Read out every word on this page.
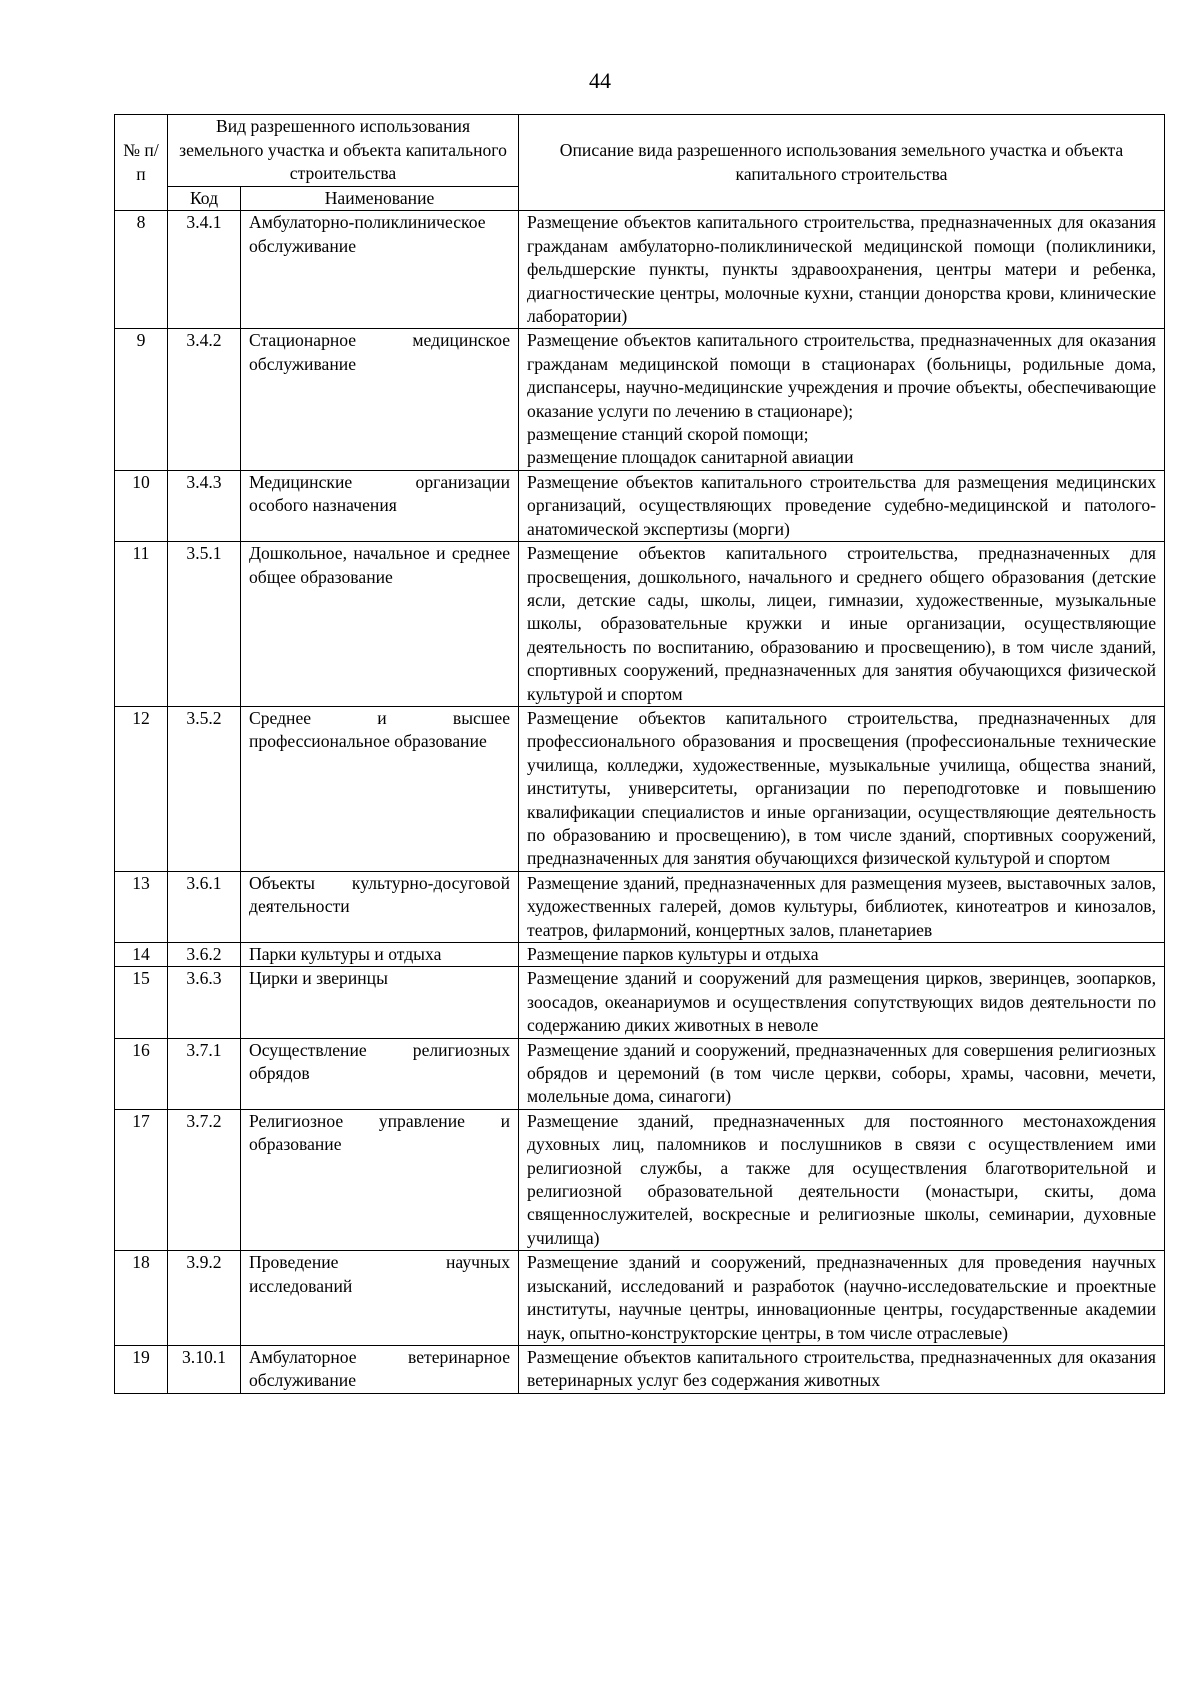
44
№ п/п	Вид разрешенного использования земельного участка и объекта капитального строительства		Описание вида разрешенного использования земельного участка и объекта капитального строительства
	Код	Наименование	
8	3.4.1	Амбулаторно-поликлиническое обслуживание	Размещение объектов капитального строительства, предназначенных для оказания гражданам амбулаторно-поликлинической медицинской помощи (поликлиники, фельдшерские пункты, пункты здравоохранения, центры матери и ребенка, диагностические центры, молочные кухни, станции донорства крови, клинические лаборатории)

9	3.4.2	Стационарное медицинское обслуживание	Размещение объектов капитального строительства, предназначенных для оказания гражданам медицинской помощи в стационарах (больницы, родильные дома, диспансеры, научно-медицинские учреждения и прочие объекты, обеспечивающие оказание услуги по лечению в стационаре);
размещение станций скорой помощи;
размещение площадок санитарной авиации

10	3.4.3	Медицинские организации особого назначения	Размещение объектов капитального строительства для размещения медицинских организаций, осуществляющих проведение судебно-медицинской и патолого-анатомической экспертизы (морги)

11	3.5.1	Дошкольное, начальное и среднее общее образование	Размещение объектов капитального строительства, предназначенных для просвещения, дошкольного, начального и среднего общего образования (детские ясли, детские сады, школы, лицеи, гимназии, художественные, музыкальные школы, образовательные кружки и иные организации, осуществляющие деятельность по воспитанию, образованию и просвещению), в том числе зданий, спортивных сооружений, предназначенных для занятия обучающихся физической культурой и спортом

12	3.5.2	Среднее и высшее профессиональное образование	Размещение объектов капитального строительства, предназначенных для профессионального образования и просвещения (профессиональные технические училища, колледжи, художественные, музыкальные училища, общества знаний, институты, университеты, организации по переподготовке и повышению квалификации специалистов и иные организации, осуществляющие деятельность по образованию и просвещению), в том числе зданий, спортивных сооружений, предназначенных для занятия обучающихся физической культурой и спортом

13	3.6.1	Объекты культурно-досуговой деятельности	Размещение зданий, предназначенных для размещения музеев, выставочных залов, художественных галерей, домов культуры, библиотек, кинотеатров и кинозалов, театров, филармоний, концертных залов, планетариев

14	3.6.2	Парки культуры и отдыха	Размещение парков культуры и отдыха

15	3.6.3	Цирки и зверинцы	Размещение зданий и сооружений для размещения цирков, зверинцев, зоопарков, зоосадов, океанариумов и осуществления сопутствующих видов деятельности по содержанию диких животных в неволе

16	3.7.1	Осуществление религиозных обрядов	Размещение зданий и сооружений, предназначенных для совершения религиозных обрядов и церемоний (в том числе церкви, соборы, храмы, часовни, мечети, молельные дома, синагоги)

17	3.7.2	Религиозное управление и образование	Размещение зданий, предназначенных для постоянного местонахождения духовных лиц, паломников и послушников в связи с осуществлением ими религиозной службы, а также для осуществления благотворительной и религиозной образовательной деятельности (монастыри, скиты, дома священнослужителей, воскресные и религиозные школы, семинарии, духовные училища)

18	3.9.2	Проведение научных исследований	Размещение зданий и сооружений, предназначенных для проведения научных изысканий, исследований и разработок (научно-исследовательские и проектные институты, научные центры, инновационные центры, государственные академии наук, опытно-конструкторские центры, в том числе отраслевые)

19	3.10.1	Амбулаторное ветеринарное обслуживание	Размещение объектов капитального строительства, предназначенных для оказания ветеринарных услуг без содержания животных
